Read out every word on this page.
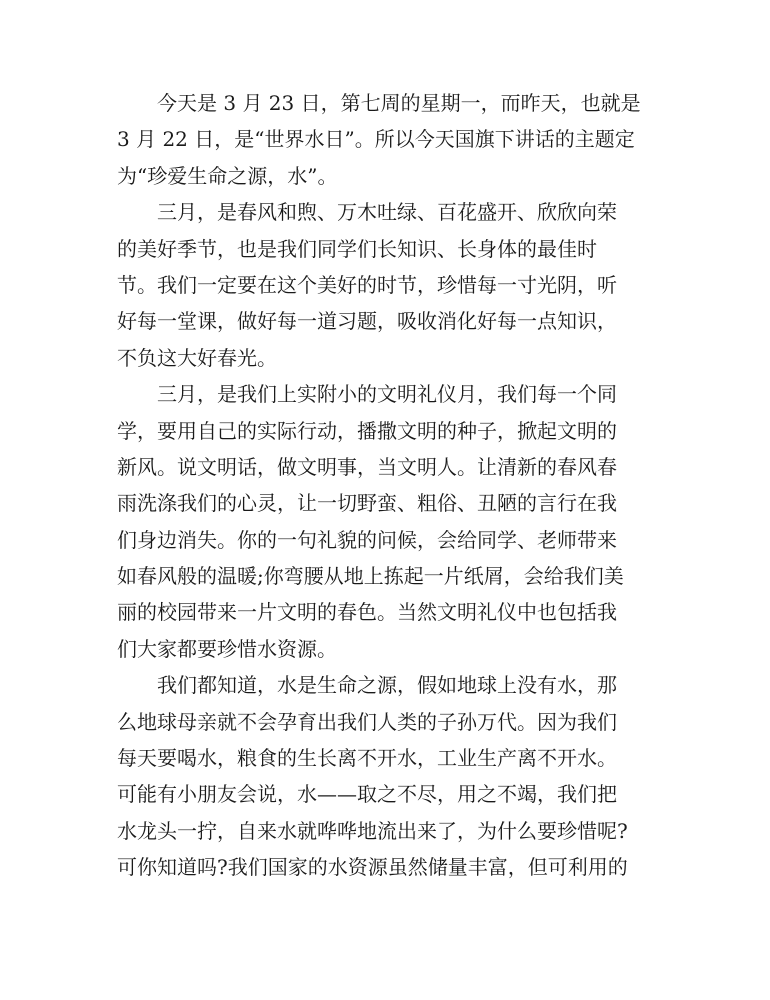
今天是 3 月 23 日，第七周的星期一，而昨天，也就是
3 月 22 日，是“世界水日”。所以今天国旗下讲话的主题定
为“珍爱生命之源，水”。
三月，是春风和煦、万木吐绿、百花盛开、欣欣向荣
的美好季节，也是我们同学们长知识、长身体的最佳时
节。我们一定要在这个美好的时节，珍惜每一寸光阴，听
好每一堂课，做好每一道习题，吸收消化好每一点知识，
不负这大好春光。
三月，是我们上实附小的文明礼仪月，我们每一个同
学，要用自己的实际行动，播撒文明的种子，掀起文明的
新风。说文明话，做文明事，当文明人。让清新的春风春
雨洗涤我们的心灵，让一切野蛮、粗俗、丑陋的言行在我
们身边消失。你的一句礼貌的问候，会给同学、老师带来
如春风般的温暖;你弯腰从地上拣起一片纸屑，会给我们美
丽的校园带来一片文明的春色。当然文明礼仪中也包括我
们大家都要珍惜水资源。
我们都知道，水是生命之源，假如地球上没有水，那
么地球母亲就不会孕育出我们人类的子孙万代。因为我们
每天要喝水，粮食的生长离不开水，工业生产离不开水。
可能有小朋友会说，水——取之不尽，用之不竭，我们把
水龙头一拧，自来水就哗哗地流出来了，为什么要珍惜呢?
可你知道吗?我们国家的水资源虽然储量丰富，但可利用的
